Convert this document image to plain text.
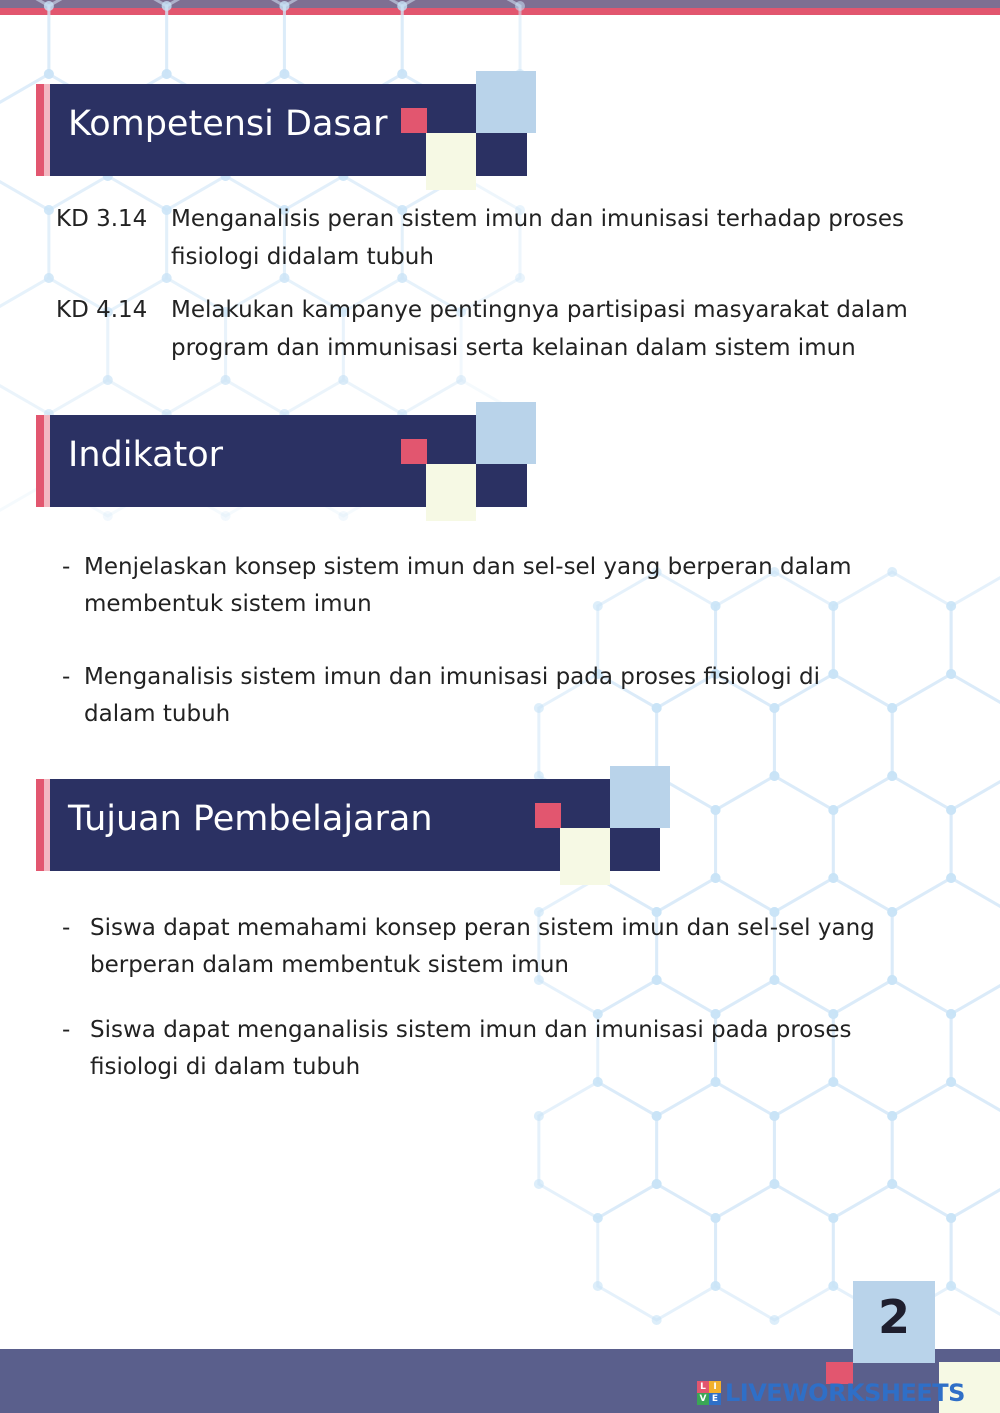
Kompetensi Dasar
KD 3.14 Menganalisis peran sistem imun dan imunisasi terhadap proses fisiologi didalam tubuh
KD 4.14 Melakukan kampanye pentingnya partisipasi masyarakat dalam program dan immunisasi serta kelainan dalam sistem imun
Indikator
- Menjelaskan konsep sistem imun dan sel-sel yang berperan dalam membentuk sistem imun
- Menganalisis sistem imun dan imunisasi pada proses fisiologi di dalam tubuh
Tujuan Pembelajaran
- Siswa dapat memahami konsep peran sistem imun dan sel-sel yang berperan dalam membentuk sistem imun
- Siswa dapat menganalisis sistem imun dan imunisasi pada proses fisiologi di dalam tubuh
2
L I
V E LIVEWORKSHEETS
